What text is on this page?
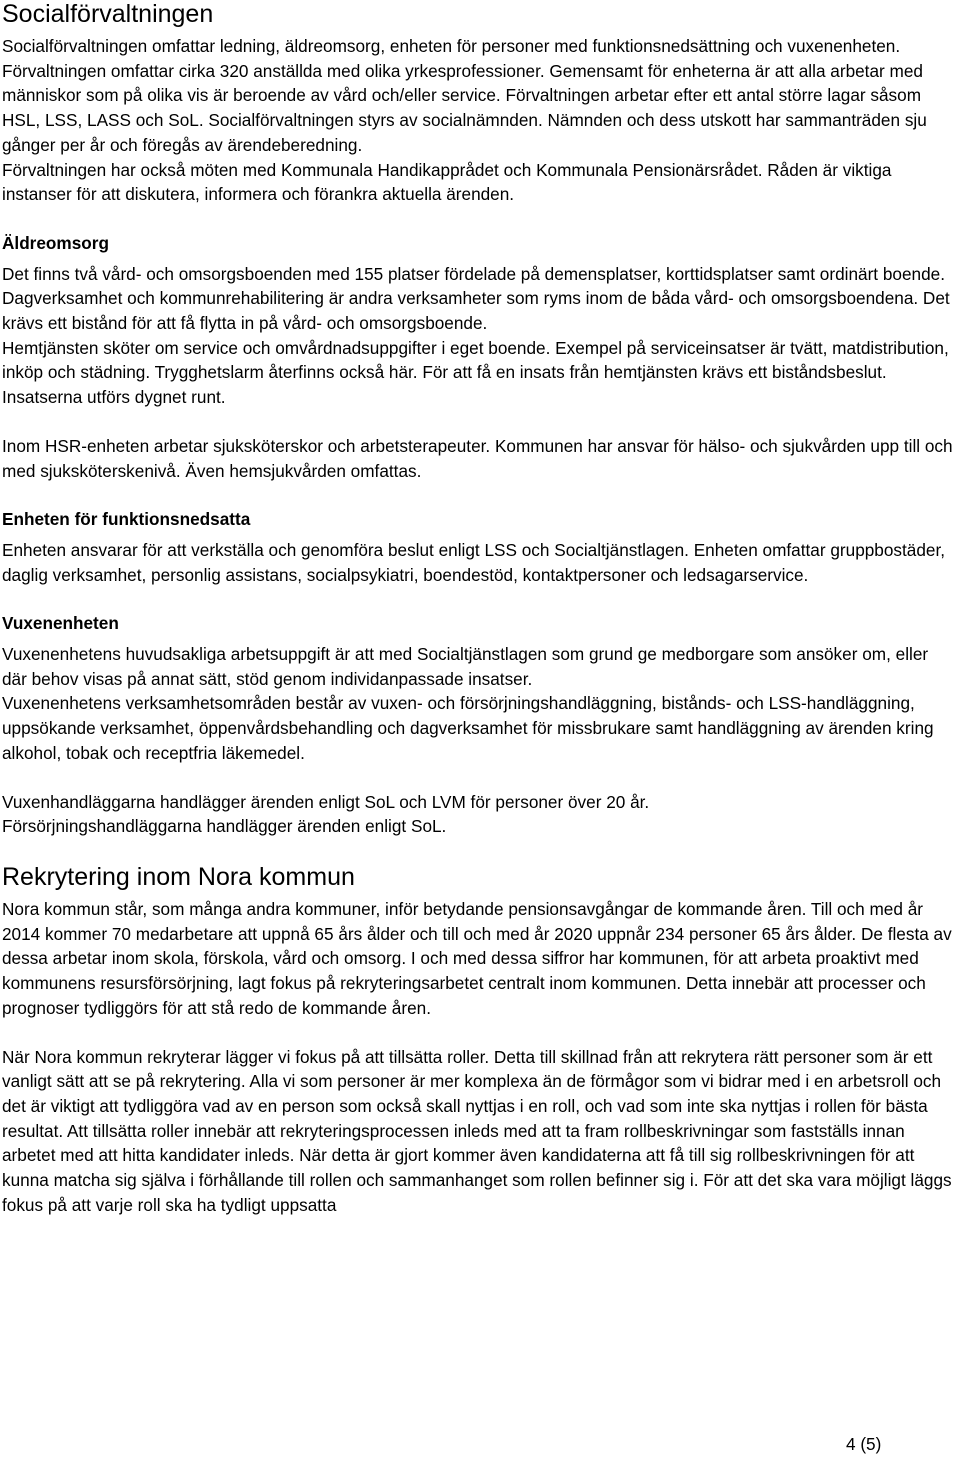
Socialförvaltningen

Socialförvaltningen omfattar ledning, äldreomsorg, enheten för personer med funktionsnedsättning och vuxenenheten. Förvaltningen omfattar cirka 320 anställda med olika yrkesprofessioner. Gemensamt för enheterna är att alla arbetar med människor som på olika vis är beroende av vård och/eller service. Förvaltningen arbetar efter ett antal större lagar såsom HSL, LSS, LASS och SoL. Socialförvaltningen styrs av socialnämnden. Nämnden och dess utskott har sammanträden sju gånger per år och föregås av ärendeberedning.

Förvaltningen har också möten med Kommunala Handikapprådet och Kommunala Pensionärsrådet. Råden är viktiga instanser för att diskutera, informera och förankra aktuella ärenden.

Äldreomsorg

Det finns två vård- och omsorgsboenden med 155 platser fördelade på demensplatser, korttidsplatser samt ordinärt boende. Dagverksamhet och kommunrehabilitering är andra verksamheter som ryms inom de båda vård- och omsorgsboendena. Det krävs ett bistånd för att få flytta in på vård- och omsorgsboende.

Hemtjänsten sköter om service och omvårdnadsuppgifter i eget boende. Exempel på serviceinsatser är tvätt, matdistribution, inköp och städning. Trygghetslarm återfinns också här. För att få en insats från hemtjänsten krävs ett biståndsbeslut. Insatserna utförs dygnet runt.

Inom HSR-enheten arbetar sjuksköterskor och arbetsterapeuter. Kommunen har ansvar för hälso- och sjukvården upp till och med sjuksköterskenivå. Även hemsjukvården omfattas.

Enheten för funktionsnedsatta

Enheten ansvarar för att verkställa och genomföra beslut enligt LSS och Socialtjänstlagen. Enheten omfattar gruppbostäder, daglig verksamhet, personlig assistans, socialpsykiatri, boendestöd, kontaktpersoner och ledsagarservice.

Vuxenenheten

Vuxenenhetens huvudsakliga arbetsuppgift är att med Socialtjänstlagen som grund ge medborgare som ansöker om, eller där behov visas på annat sätt, stöd genom individanpassade insatser.

Vuxenenhetens verksamhetsområden består av vuxen- och försörjningshandläggning, bistånds- och LSS-handläggning, uppsökande verksamhet, öppenvårdsbehandling och dagverksamhet för missbrukare samt handläggning av ärenden kring alkohol, tobak och receptfria läkemedel.

Vuxenhandläggarna handlägger ärenden enligt SoL och LVM för personer över 20 år.

Försörjningshandläggarna handlägger ärenden enligt SoL.

Rekrytering inom Nora kommun

Nora kommun står, som många andra kommuner, inför betydande pensionsavgångar de kommande åren. Till och med år 2014 kommer 70 medarbetare att uppnå 65 års ålder och till och med år 2020 uppnår 234 personer 65 års ålder. De flesta av dessa arbetar inom skola, förskola, vård och omsorg. I och med dessa siffror har kommunen, för att arbeta proaktivt med kommunens resursförsörjning, lagt fokus på rekryteringsarbetet centralt inom kommunen. Detta innebär att processer och prognoser tydliggörs för att stå redo de kommande åren.

När Nora kommun rekryterar lägger vi fokus på att tillsätta roller. Detta till skillnad från att rekrytera rätt personer som är ett vanligt sätt att se på rekrytering. Alla vi som personer är mer komplexa än de förmågor som vi bidrar med i en arbetsroll och det är viktigt att tydliggöra vad av en person som också skall nyttjas i en roll, och vad som inte ska nyttjas i rollen för bästa resultat. Att tillsätta roller innebär att rekryteringsprocessen inleds med att ta fram rollbeskrivningar som fastställs innan arbetet med att hitta kandidater inleds. När detta är gjort kommer även kandidaterna att få till sig rollbeskrivningen för att kunna matcha sig själva i förhållande till rollen och sammanhanget som rollen befinner sig i. För att det ska vara möjligt läggs fokus på att varje roll ska ha tydligt uppsatta

4 (5)
